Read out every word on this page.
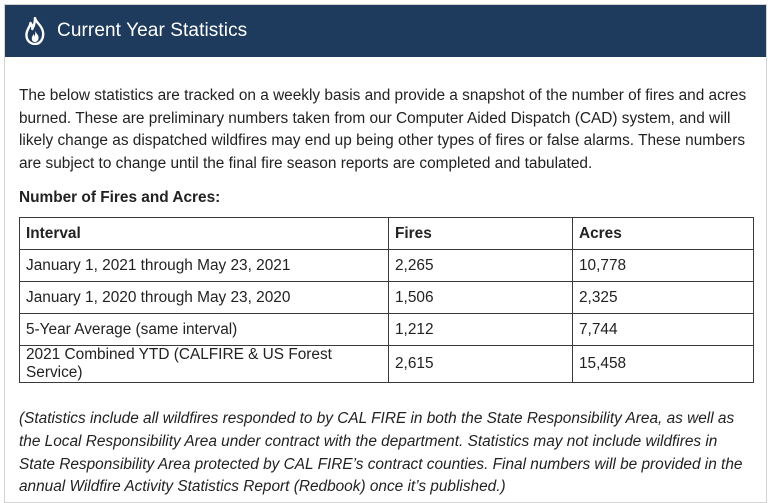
Current Year Statistics

The below statistics are tracked on a weekly basis and provide a snapshot of the number of fires and acres burned. These are preliminary numbers taken from our Computer Aided Dispatch (CAD) system, and will likely change as dispatched wildfires may end up being other types of fires or false alarms. These numbers are subject to change until the final fire season reports are completed and tabulated.

Number of Fires and Acres:
Interval	Fires	Acres
January 1, 2021 through May 23, 2021	2,265	10,778
January 1, 2020 through May 23, 2020	1,506	2,325
5-Year Average (same interval)	1,212	7,744
2021 Combined YTD (CALFIRE & US Forest Service)	2,615	15,458

(Statistics include all wildfires responded to by CAL FIRE in both the State Responsibility Area, as well as the Local Responsibility Area under contract with the department. Statistics may not include wildfires in State Responsibility Area protected by CAL FIRE’s contract counties. Final numbers will be provided in the annual Wildfire Activity Statistics Report (Redbook) once it’s published.)
